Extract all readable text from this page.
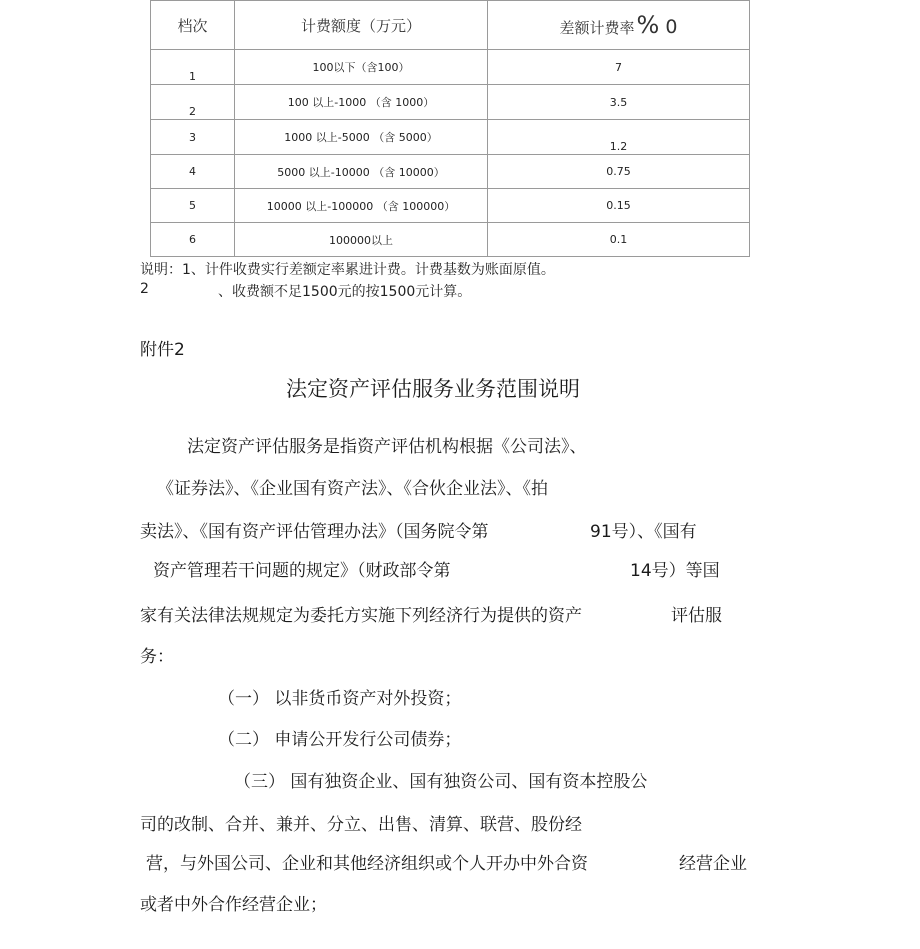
档次	计费额度（万元）	差额计费率% 0
1	100以下（含100）	7
2	100 以上-1000 （含 1000）	3.5
3	1000 以上-5000 （含 5000）	1.2
4	5000 以上-10000 （含 10000）	0.75
5	10000 以上-100000 （含 100000）	0.15
6	100000以上	0.1
说明：1、计件收费实行差额定率累进计费。计费基数为账面原值。
2	、收费额不足1500元的按1500元计算。
附件2
法定资产评估服务业务范围说明
法定资产评估服务是指资产评估机构根据《公司法》、
《证券法》、《企业国有资产法》、《合伙企业法》、《拍
卖法》、《国有资产评估管理办法》（国务院令第	91号）、《国有
资产管理若干问题的规定》（财政部令第	14号）等国
家有关法律法规规定为委托方实施下列经济行为提供的资产	评估服
务：
（一） 以非货币资产对外投资；
（二） 申请公开发行公司债券；
（三） 国有独资企业、国有独资公司、国有资本控股公
司的改制、合并、兼并、分立、出售、清算、联营、股份经
营，与外国公司、企业和其他经济组织或个人开办中外合资	经营企业
或者中外合作经营企业；
